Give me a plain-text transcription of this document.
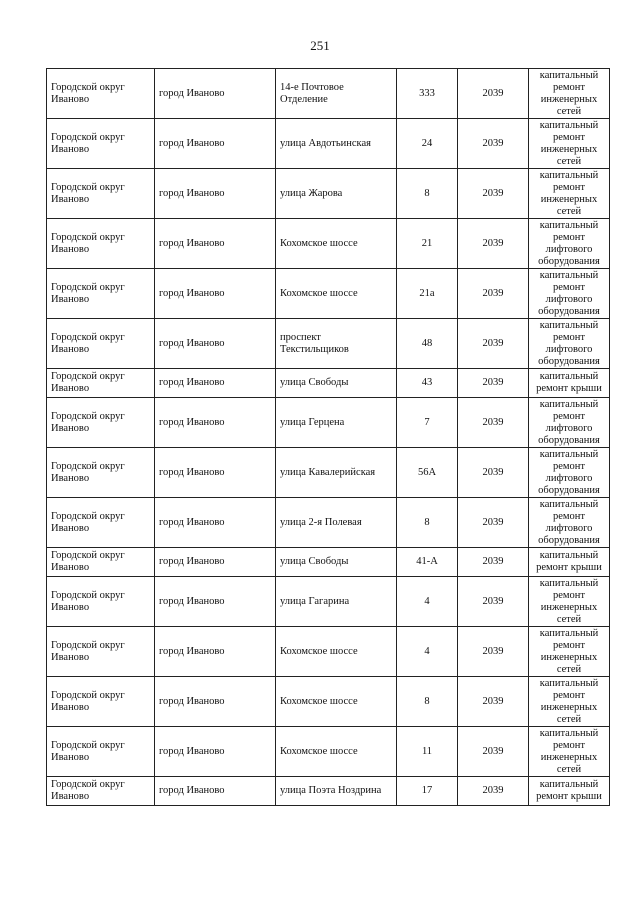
251
Городской округ Иваново	город Иваново	14-е Почтовое Отделение	333	2039	капитальный ремонт инженерных сетей
Городской округ Иваново	город Иваново	улица Авдотьинская	24	2039	капитальный ремонт инженерных сетей
Городской округ Иваново	город Иваново	улица Жарова	8	2039	капитальный ремонт инженерных сетей
Городской округ Иваново	город Иваново	Кохомское шоссе	21	2039	капитальный ремонт лифтового оборудования
Городской округ Иваново	город Иваново	Кохомское шоссе	21а	2039	капитальный ремонт лифтового оборудования
Городской округ Иваново	город Иваново	проспект Текстильщиков	48	2039	капитальный ремонт лифтового оборудования
Городской округ Иваново	город Иваново	улица Свободы	43	2039	капитальный ремонт крыши
Городской округ Иваново	город Иваново	улица Герцена	7	2039	капитальный ремонт лифтового оборудования
Городской округ Иваново	город Иваново	улица Кавалерийская	56А	2039	капитальный ремонт лифтового оборудования
Городской округ Иваново	город Иваново	улица 2-я Полевая	8	2039	капитальный ремонт лифтового оборудования
Городской округ Иваново	город Иваново	улица Свободы	41-А	2039	капитальный ремонт крыши
Городской округ Иваново	город Иваново	улица Гагарина	4	2039	капитальный ремонт инженерных сетей
Городской округ Иваново	город Иваново	Кохомское шоссе	4	2039	капитальный ремонт инженерных сетей
Городской округ Иваново	город Иваново	Кохомское шоссе	8	2039	капитальный ремонт инженерных сетей
Городской округ Иваново	город Иваново	Кохомское шоссе	11	2039	капитальный ремонт инженерных сетей
Городской округ Иваново	город Иваново	улица Поэта Ноздрина	17	2039	капитальный ремонт крыши
